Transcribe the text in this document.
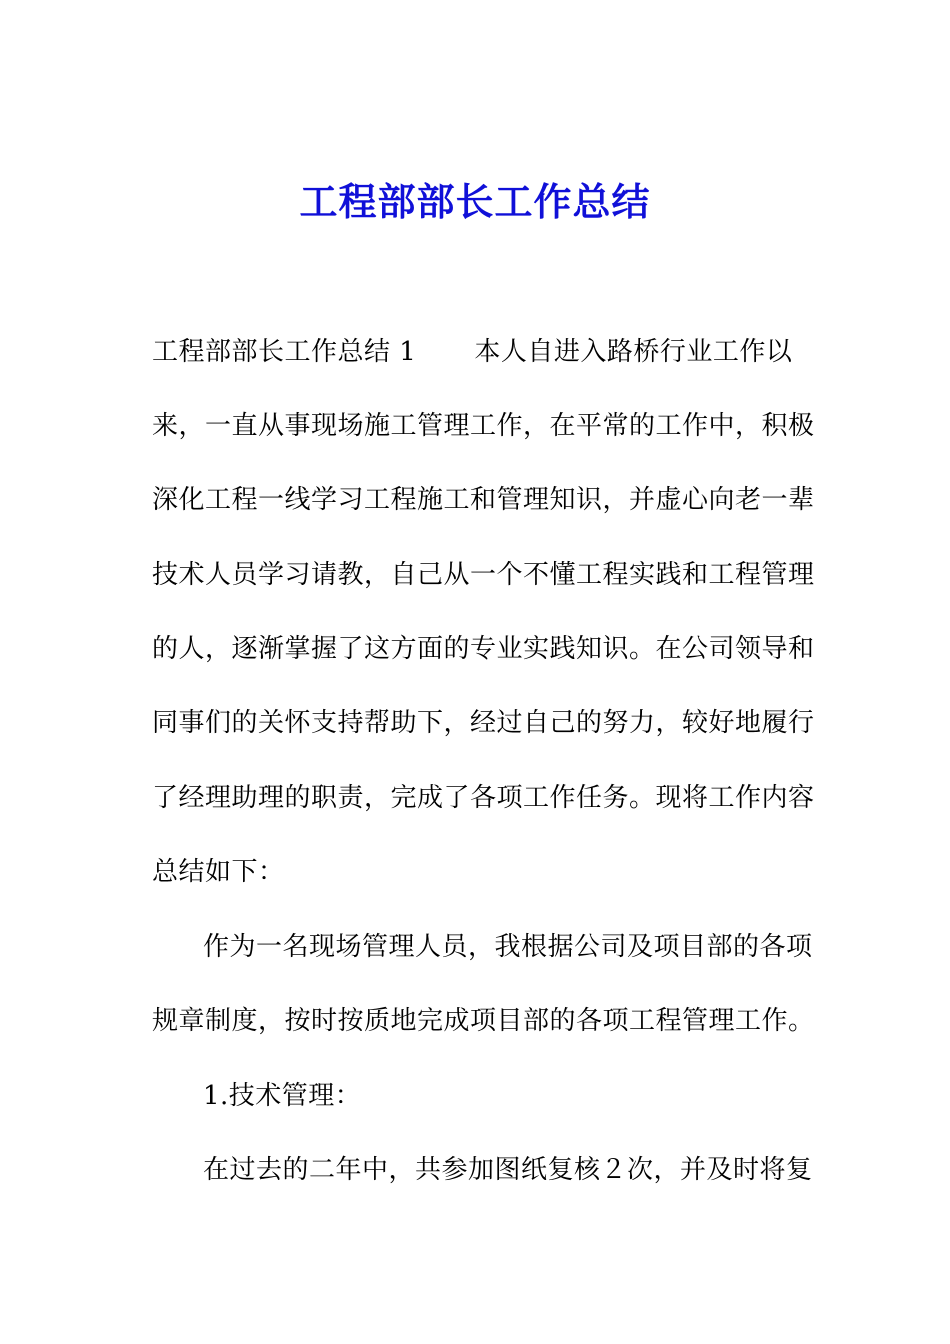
工程部部长工作总结
工程部部长工作总结 1 本人自进入路桥行业工作以
来，一直从事现场施工管理工作，在平常的工作中，积极
深化工程一线学习工程施工和管理知识，并虚心向老一辈
技术人员学习请教，自己从一个不懂工程实践和工程管理
的人，逐渐掌握了这方面的专业实践知识。在公司领导和
同事们的关怀支持帮助下，经过自己的努力，较好地履行
了经理助理的职责，完成了各项工作任务。现将工作内容
总结如下：
作为一名现场管理人员，我根据公司及项目部的各项
规章制度，按时按质地完成项目部的各项工程管理工作。
1.技术管理：
在过去的二年中，共参加图纸复核２次，并及时将复
